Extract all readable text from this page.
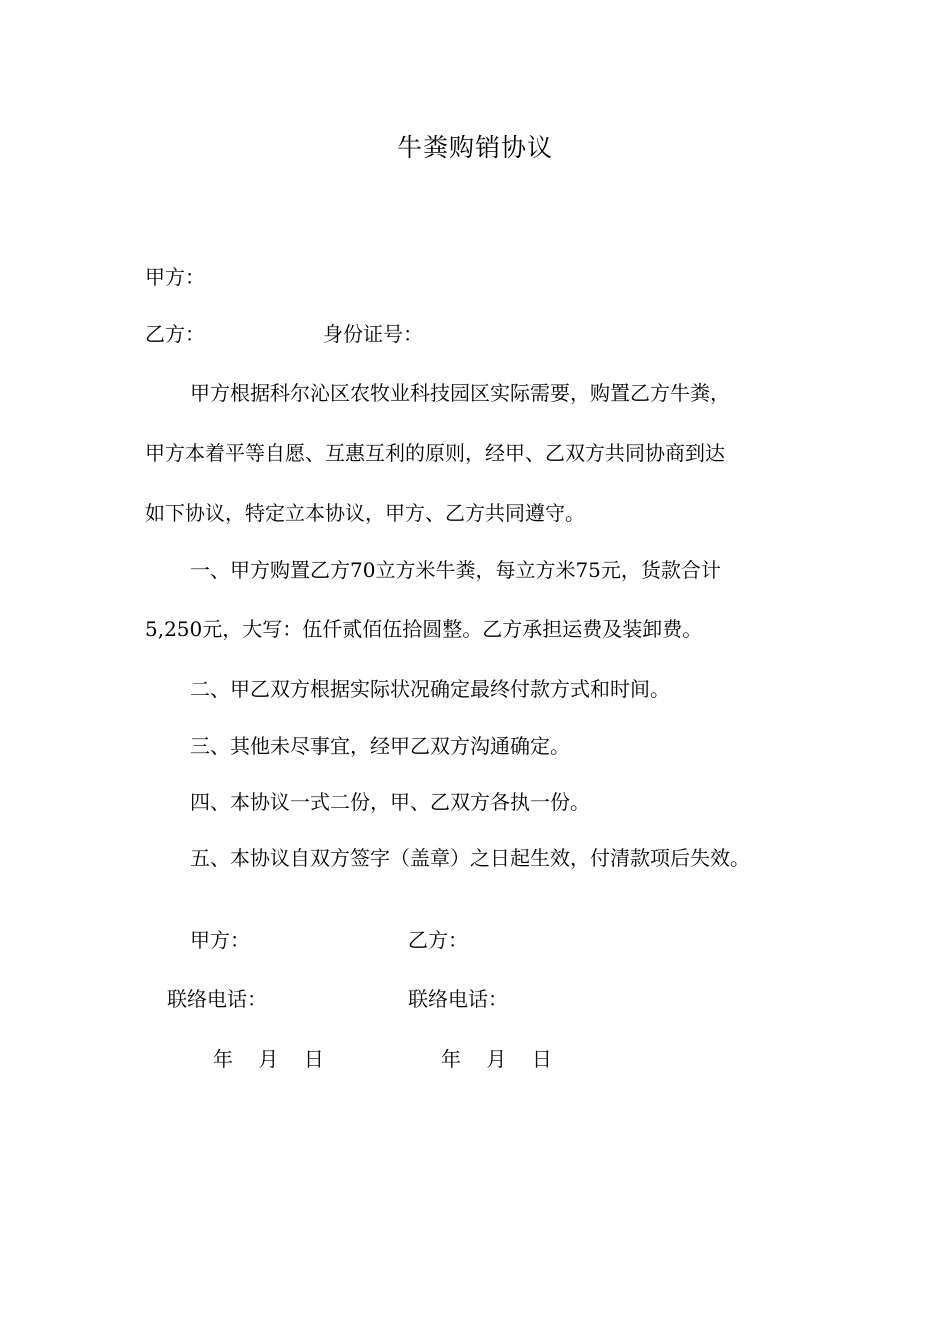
牛粪购销协议
甲方：
乙方：	身份证号：
甲方根据科尔沁区农牧业科技园区实际需要，购置乙方牛粪，
甲方本着平等自愿、互惠互利的原则，经甲、乙双方共同协商到达
如下协议，特定立本协议，甲方、乙方共同遵守。
一、甲方购置乙方70立方米牛粪，每立方米75元，货款合计
5,250元，大写：伍仟贰佰伍拾圆整。乙方承担运费及装卸费。
二、甲乙双方根据实际状况确定最终付款方式和时间。
三、其他未尽事宜，经甲乙双方沟通确定。
四、本协议一式二份，甲、乙双方各执一份。
五、本协议自双方签字（盖章）之日起生效，付清款项后失效。
甲方：	乙方：
联络电话：	联络电话：
年    月    日	年    月    日
